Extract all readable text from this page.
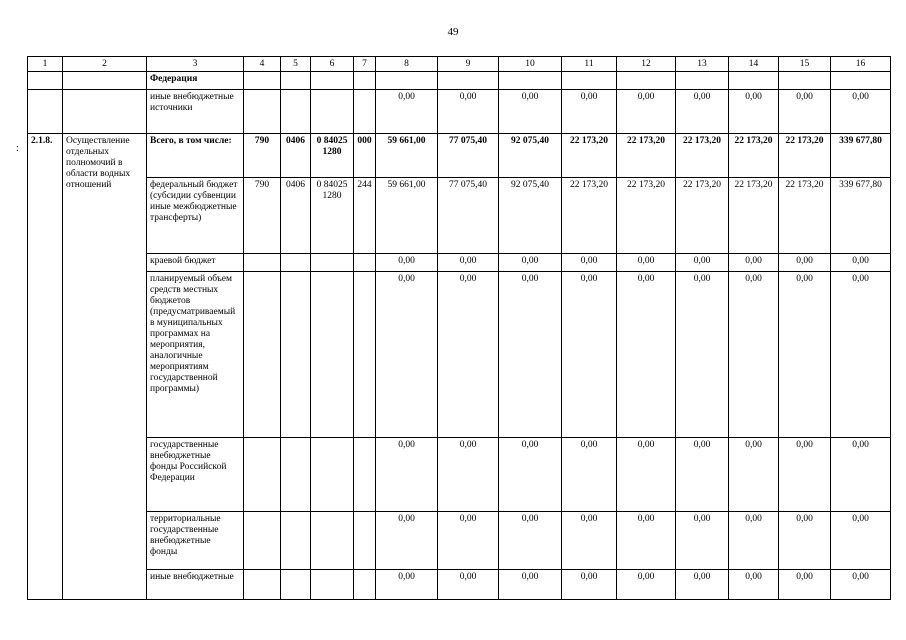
49
:
1	2	3	4	5	6	7	8	9	10	11	12	13	14	15	16
		Федерация													
		иные внебюджетные источники					0,00	0,00	0,00	0,00	0,00	0,00	0,00	0,00	0,00
2.1.8.	Осуществление отдельных полномочий в области водных отношений	Всего, в том числе:	790	0406	0 84025 1280	000	59 661,00	77 075,40	92 075,40	22 173,20	22 173,20	22 173,20	22 173,20	22 173,20	339 677,80
		федеральный бюджет (субсидии субвенции иные межбюджетные трансферты)	790	0406	0 84025 1280	244	59 661,00	77 075,40	92 075,40	22 173,20	22 173,20	22 173,20	22 173,20	22 173,20	339 677,80
		краевой бюджет					0,00	0,00	0,00	0,00	0,00	0,00	0,00	0,00	0,00
		планируемый объем средств местных бюджетов (предусматриваемый в муниципальных программах на мероприятия, аналогичные мероприятиям государственной программы)					0,00	0,00	0,00	0,00	0,00	0,00	0,00	0,00	0,00
		государственные внебюджетные фонды Российской Федерации					0,00	0,00	0,00	0,00	0,00	0,00	0,00	0,00	0,00
		территориальные государственные внебюджетные фонды					0,00	0,00	0,00	0,00	0,00	0,00	0,00	0,00	0,00
		иные внебюджетные					0,00	0,00	0,00	0,00	0,00	0,00	0,00	0,00	0,00
